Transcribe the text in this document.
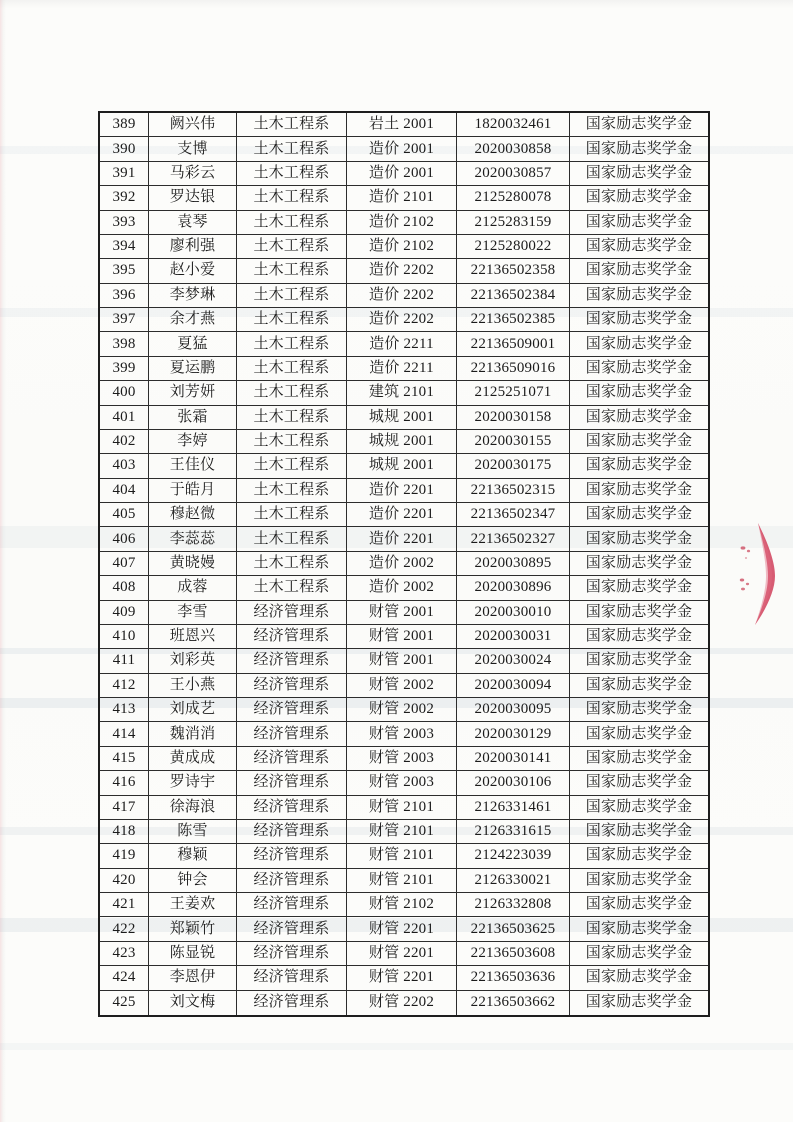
389	阙兴伟	土木工程系	岩土 2001	1820032461	国家励志奖学金
390	支博	土木工程系	造价 2001	2020030858	国家励志奖学金
391	马彩云	土木工程系	造价 2001	2020030857	国家励志奖学金
392	罗达银	土木工程系	造价 2101	2125280078	国家励志奖学金
393	袁琴	土木工程系	造价 2102	2125283159	国家励志奖学金
394	廖利强	土木工程系	造价 2102	2125280022	国家励志奖学金
395	赵小爱	土木工程系	造价 2202	22136502358	国家励志奖学金
396	李梦琳	土木工程系	造价 2202	22136502384	国家励志奖学金
397	余才燕	土木工程系	造价 2202	22136502385	国家励志奖学金
398	夏猛	土木工程系	造价 2211	22136509001	国家励志奖学金
399	夏运鹏	土木工程系	造价 2211	22136509016	国家励志奖学金
400	刘芳妍	土木工程系	建筑 2101	2125251071	国家励志奖学金
401	张霜	土木工程系	城规 2001	2020030158	国家励志奖学金
402	李婷	土木工程系	城规 2001	2020030155	国家励志奖学金
403	王佳仪	土木工程系	城规 2001	2020030175	国家励志奖学金
404	于皓月	土木工程系	造价 2201	22136502315	国家励志奖学金
405	穆赵微	土木工程系	造价 2201	22136502347	国家励志奖学金
406	李蕊蕊	土木工程系	造价 2201	22136502327	国家励志奖学金
407	黄晓嫚	土木工程系	造价 2002	2020030895	国家励志奖学金
408	成蓉	土木工程系	造价 2002	2020030896	国家励志奖学金
409	李雪	经济管理系	财管 2001	2020030010	国家励志奖学金
410	班恩兴	经济管理系	财管 2001	2020030031	国家励志奖学金
411	刘彩英	经济管理系	财管 2001	2020030024	国家励志奖学金
412	王小燕	经济管理系	财管 2002	2020030094	国家励志奖学金
413	刘成艺	经济管理系	财管 2002	2020030095	国家励志奖学金
414	魏消消	经济管理系	财管 2003	2020030129	国家励志奖学金
415	黄成成	经济管理系	财管 2003	2020030141	国家励志奖学金
416	罗诗宇	经济管理系	财管 2003	2020030106	国家励志奖学金
417	徐海浪	经济管理系	财管 2101	2126331461	国家励志奖学金
418	陈雪	经济管理系	财管 2101	2126331615	国家励志奖学金
419	穆颖	经济管理系	财管 2101	2124223039	国家励志奖学金
420	钟会	经济管理系	财管 2101	2126330021	国家励志奖学金
421	王姜欢	经济管理系	财管 2102	2126332808	国家励志奖学金
422	郑颖竹	经济管理系	财管 2201	22136503625	国家励志奖学金
423	陈显锐	经济管理系	财管 2201	22136503608	国家励志奖学金
424	李恩伊	经济管理系	财管 2201	22136503636	国家励志奖学金
425	刘文梅	经济管理系	财管 2202	22136503662	国家励志奖学金
